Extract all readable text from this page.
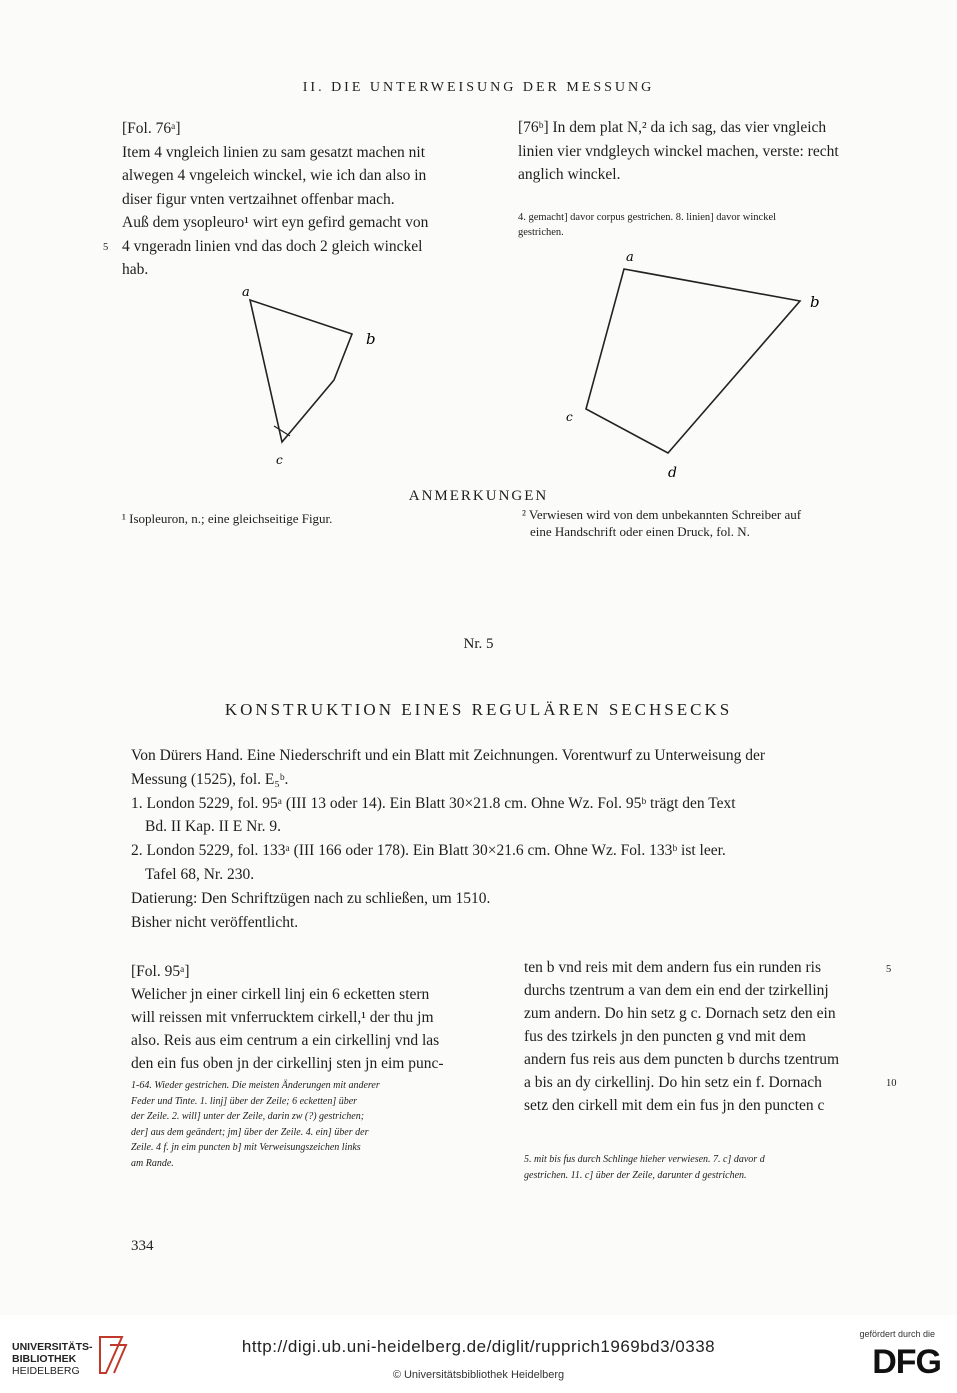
II. DIE UNTERWEISUNG DER MESSUNG

[Fol. 76ᵃ]

Item 4 vngleich linien zu sam gesatzt machen nit

alwegen 4 vngeleich winckel, wie ich dan also in

diser figur vnten vertzaihnet offenbar mach.

Auß dem ysopleuro¹ wirt eyn gefird gemacht von

4 vngeradn linien vnd das doch 2 gleich winckel

hab.

5

[76ᵇ] In dem plat N,² da ich sag, das vier vngleich

linien vier vndgleych winckel machen, verste: recht

anglich winckel.

4. gemacht] davor corpus gestrichen. 8. linien] davor winckel
gestrichen.
a
b
c
a
b
c
d
ANMERKUNGEN
¹ Isopleuron, n.; eine gleichseitige Figur.	² Verwiesen wird von dem unbekannten Schreiber auf
eine Handschrift oder einen Druck, fol. N.
Nr. 5
KONSTRUKTION EINES REGULÄREN SECHSECKS

Von Dürers Hand. Eine Niederschrift und ein Blatt mit Zeichnungen. Vorentwurf zu Unterweisung der

Messung (1525), fol. E₅ᵇ.

1. London 5229, fol. 95ᵃ (III 13 oder 14). Ein Blatt 30×21.8 cm. Ohne Wz. Fol. 95ᵇ trägt den Text

Bd. II Kap. II E Nr. 9.

2. London 5229, fol. 133ᵃ (III 166 oder 178). Ein Blatt 30×21.6 cm. Ohne Wz. Fol. 133ᵇ ist leer.

Tafel 68, Nr. 230.

Datierung: Den Schriftzügen nach zu schließen, um 1510.

Bisher nicht veröffentlicht.

[Fol. 95ᵃ]

Welicher jn einer cirkell linj ein 6 ecketten stern

will reissen mit vnferrucktem cirkell,¹ der thu jm

also. Reis aus eim centrum a ein cirkellinj vnd las

den ein fus oben jn der cirkellinj sten jn eim punc-

1-64. Wieder gestrichen. Die meisten Änderungen mit anderer
Feder und Tinte. 1. linj] über der Zeile; 6 ecketten] über
der Zeile. 2. will] unter der Zeile, darin zw (?) gestrichen;
der] aus dem geändert; jm] über der Zeile. 4. ein] über der
Zeile. 4 f. jn eim puncten b] mit Verweisungszeichen links
am Rande.

ten b vnd reis mit dem andern fus ein runden ris

durchs tzentrum a van dem ein end der tzirkellinj

zum andern. Do hin setz g c. Dornach setz den ein

fus des tzirkels jn den puncten g vnd mit dem

andern fus reis aus dem puncten b durchs tzentrum

a bis an dy cirkellinj. Do hin setz ein f. Dornach

setz den cirkell mit dem ein fus jn den puncten c

5
10
5. mit bis fus durch Schlinge hieher verwiesen. 7. c] davor d
gestrichen. 11. c] über der Zeile, darunter d gestrichen.
334
UNIVERSITÄTS-
BIBLIOTHEK
HEIDELBERG
http://digi.ub.uni-heidelberg.de/diglit/rupprich1969bd3/0338
© Universitätsbibliothek Heidelberg
gefördert durch die
DFG
